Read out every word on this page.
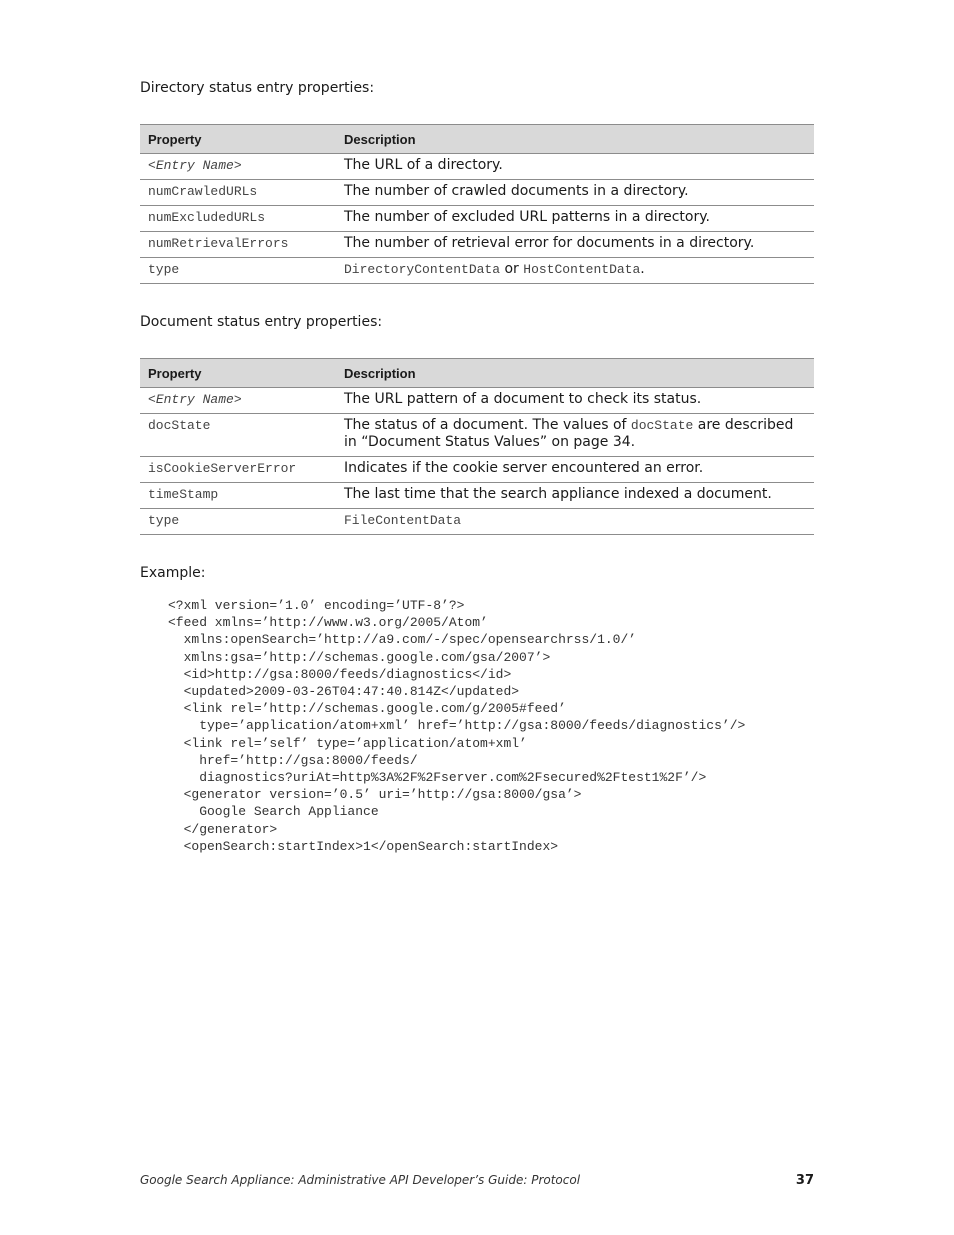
Directory status entry properties:

Property	Description
<Entry Name>	The URL of a directory.
numCrawledURLs	The number of crawled documents in a directory.
numExcludedURLs	The number of excluded URL patterns in a directory.
numRetrievalErrors	The number of retrieval error for documents in a directory.
type	DirectoryContentData or HostContentData.

Document status entry properties:

Property	Description
<Entry Name>	The URL pattern of a document to check its status.
docState	The status of a document. The values of docState are described in “Document Status Values” on page 34.
isCookieServerError	Indicates if the cookie server encountered an error.
timeStamp	The last time that the search appliance indexed a document.
type	FileContentData

Example:

<?xml version=’1.0’ encoding=’UTF-8’?>
<feed xmlns=’http://www.w3.org/2005/Atom’
xmlns:openSearch=’http://a9.com/-/spec/opensearchrss/1.0/’
xmlns:gsa=’http://schemas.google.com/gsa/2007’>
<id>http://gsa:8000/feeds/diagnostics</id>
<updated>2009-03-26T04:47:40.814Z</updated>
<link rel=’http://schemas.google.com/g/2005#feed’
type=’application/atom+xml’ href=’http://gsa:8000/feeds/diagnostics’/>
<link rel=’self’ type=’application/atom+xml’
href=’http://gsa:8000/feeds/
diagnostics?uriAt=http%3A%2F%2Fserver.com%2Fsecured%2Ftest1%2F’/>
<generator version=’0.5’ uri=’http://gsa:8000/gsa’>
Google Search Appliance
</generator>
<openSearch:startIndex>1</openSearch:startIndex>
Google Search Appliance: Administrative API Developer’s Guide: Protocol	37
